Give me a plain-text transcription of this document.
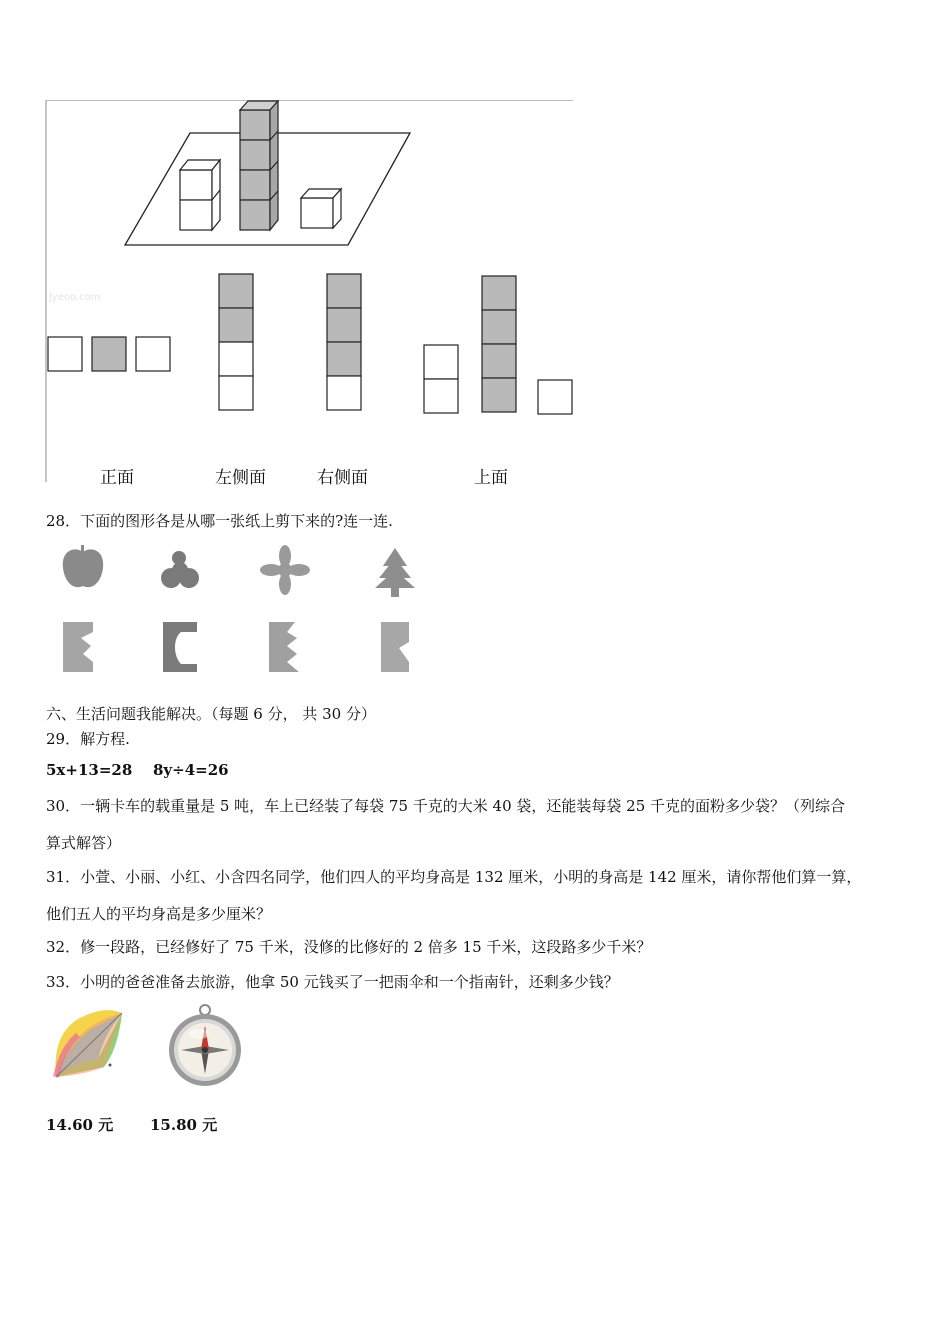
jyeoo.com
正面	左侧面	右侧面	上面
28．下面的图形各是从哪一张纸上剪下来的?连一连.
六、生活问题我能解决。（每题 6 分， 共 30 分）
29．解方程.
5x+13=28 8y÷4=26
30．一辆卡车的载重量是 5 吨，车上已经装了每袋 75 千克的大米 40 袋，还能装每袋 25 千克的面粉多少袋？（列综合
算式解答）
31．小萱、小丽、小红、小含四名同学，他们四人的平均身高是 132 厘米，小明的身高是 142 厘米，请你帮他们算一算，
他们五人的平均身高是多少厘米？
32．修一段路，已经修好了 75 千米，没修的比修好的 2 倍多 15 千米，这段路多少千米？
33．小明的爸爸准备去旅游，他拿 50 元钱买了一把雨伞和一个指南针，还剩多少钱？
14.60 元 15.80 元
